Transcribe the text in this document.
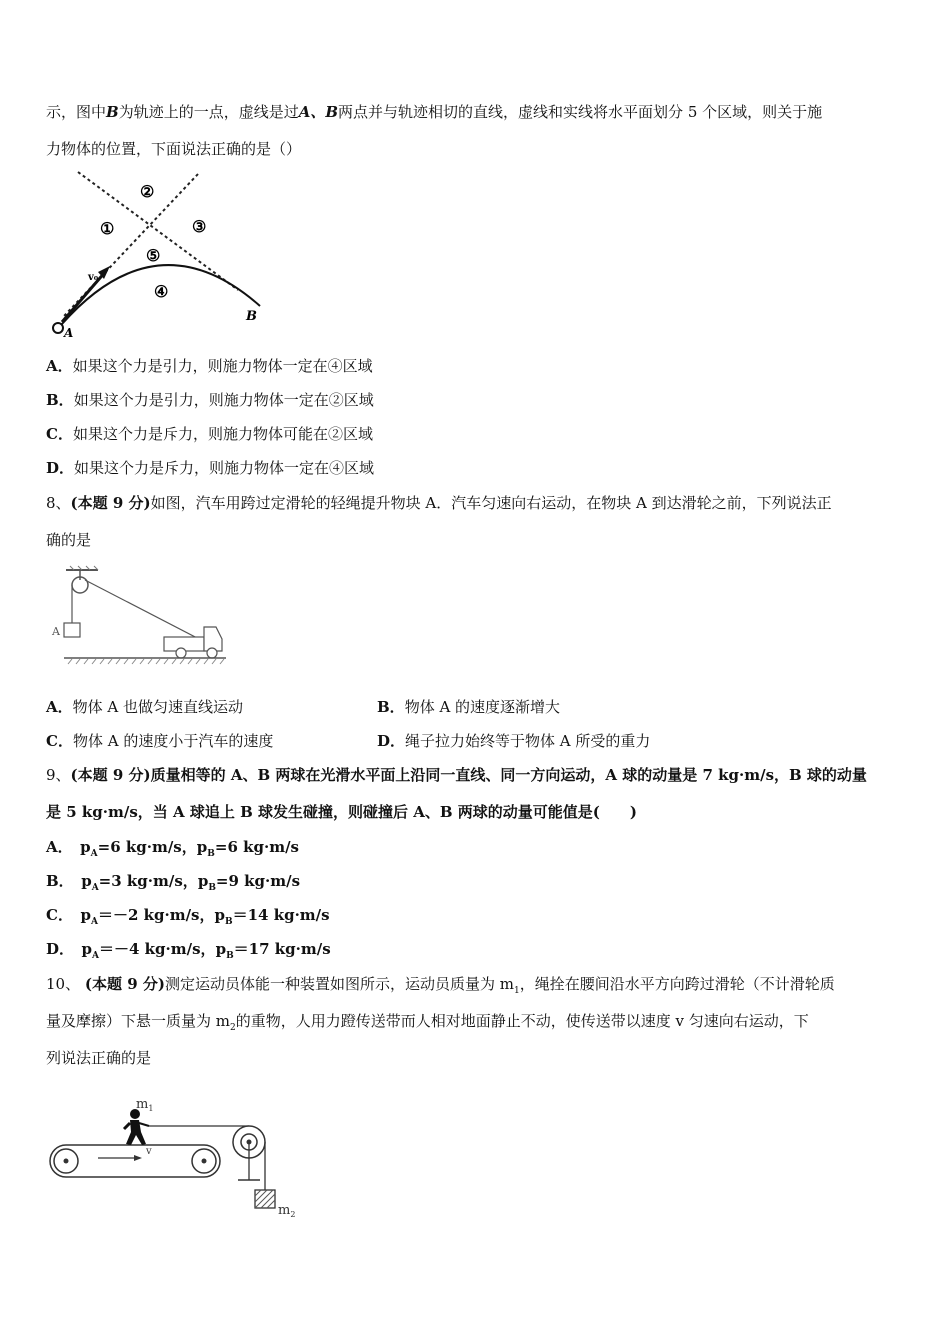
示，图中B为轨迹上的一点，虚线是过A、B两点并与轨迹相切的直线，虚线和实线将水平面划分 5 个区域，则关于施
力物体的位置，下面说法正确的是（）
v₀
A
B
①
②
③
④
⑤
A．如果这个力是引力，则施力物体一定在④区域
B．如果这个力是引力，则施力物体一定在②区域
C．如果这个力是斥力，则施力物体可能在②区域
D．如果这个力是斥力，则施力物体一定在④区域
8、(本题 9 分)如图，汽车用跨过定滑轮的轻绳提升物块 A．汽车匀速向右运动，在物块 A 到达滑轮之前，下列说法正
确的是
A
A．物体 A 也做匀速直线运动	B．物体 A 的速度逐渐增大
C．物体 A 的速度小于汽车的速度	D．绳子拉力始终等于物体 A 所受的重力
9、(本题 9 分)质量相等的 A、B 两球在光滑水平面上沿同一直线、同一方向运动，A 球的动量是 7 kg·m/s，B 球的动量
是 5 kg·m/s，当 A 球追上 B 球发生碰撞，则碰撞后 A、B 两球的动量可能值是(　　)
A．  $p_A=6$ kg·m/s，$p_B=6$ kg·m/s
B．  $p_A=3$ kg·m/s，$p_B=9$ kg·m/s
C．  $p_A=-2$ kg·m/s，$p_B=14$ kg·m/s
D．  $p_A=-4$ kg·m/s，$p_B=17$ kg·m/s
10、 (本题 9 分)测定运动员体能一种装置如图所示，运动员质量为 $m_1$，绳拴在腰间沿水平方向跨过滑轮（不计滑轮质
量及摩擦）下悬一质量为 $m_2$的重物，人用力蹬传送带而人相对地面静止不动，使传送带以速度 v 匀速向右运动，下
列说法正确的是
v
$m_1$
$m_2$
